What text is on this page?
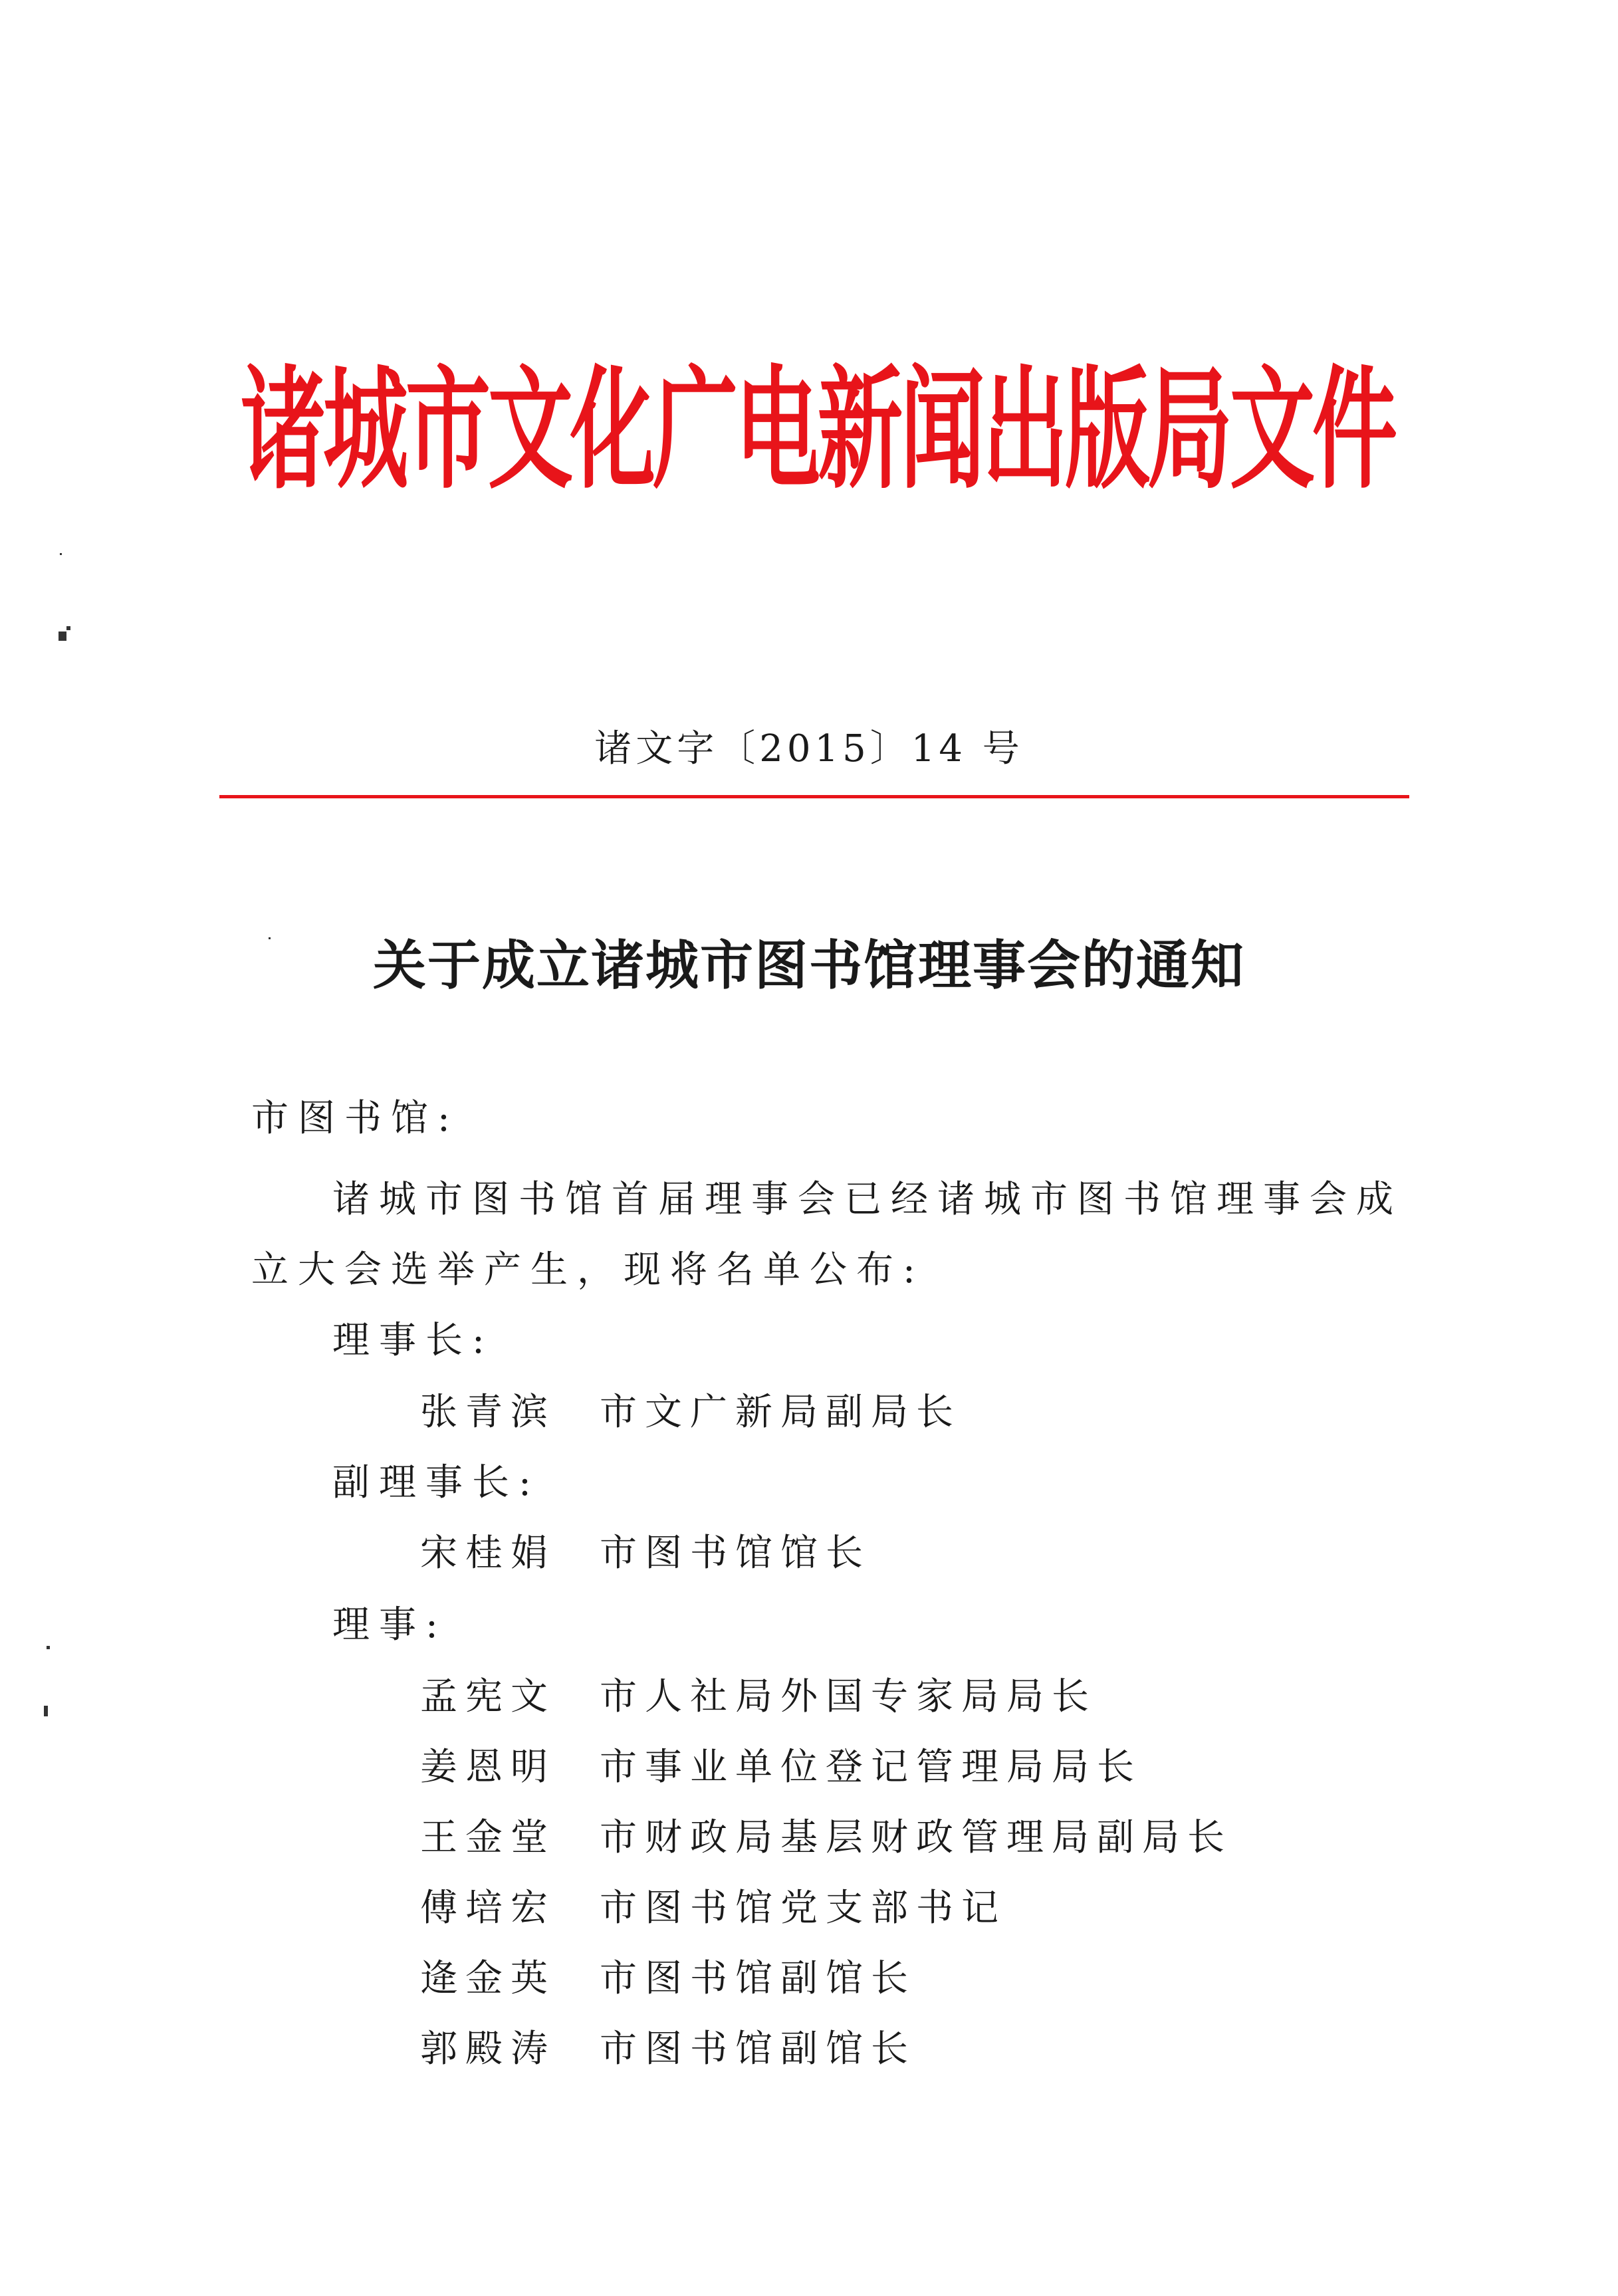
诸城市文化广电新闻出版局文件
诸文字〔2015〕14 号
关于成立诸城市图书馆理事会的通知
市图书馆:
诸城市图书馆首届理事会已经诸城市图书馆理事会成
立大会选举产生，现将名单公布:
理事长:
张青滨	市文广新局副局长
副理事长:
宋桂娟	市图书馆馆长
理事:
孟宪文	市人社局外国专家局局长
姜恩明	市事业单位登记管理局局长
王金堂	市财政局基层财政管理局副局长
傅培宏	市图书馆党支部书记
逄金英	市图书馆副馆长
郭殿涛	市图书馆副馆长
